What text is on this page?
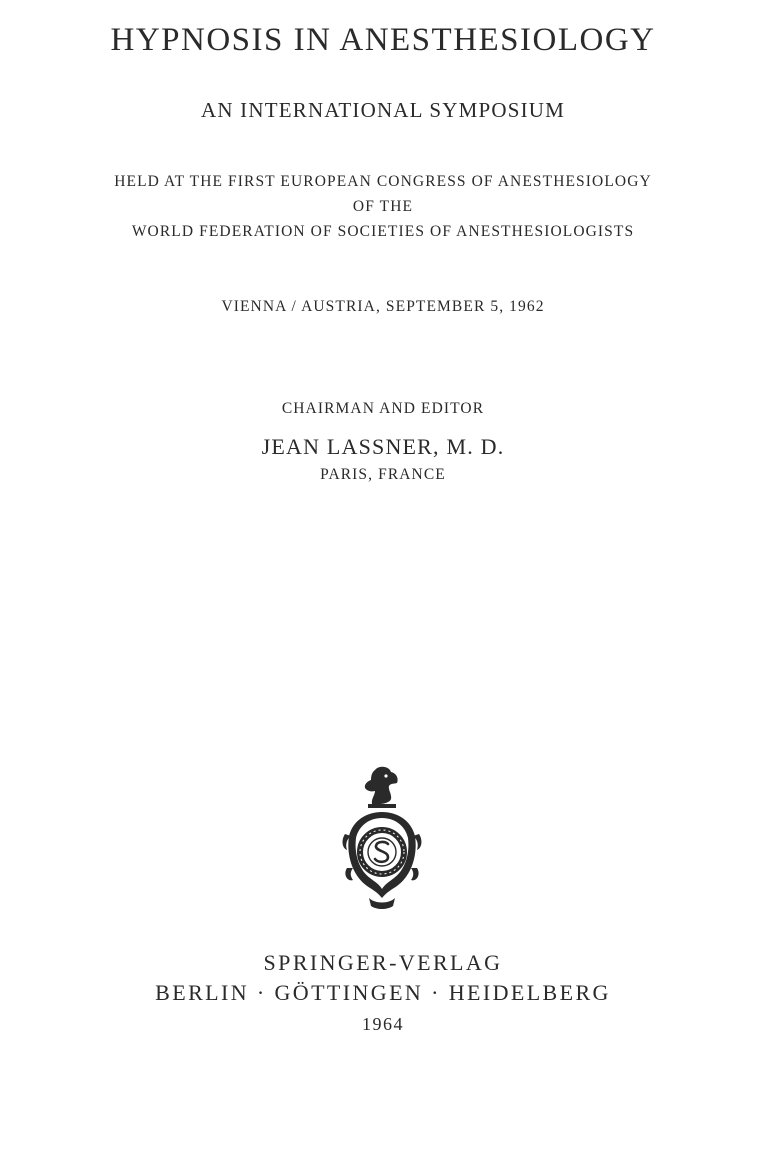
HYPNOSIS IN ANESTHESIOLOGY
AN INTERNATIONAL SYMPOSIUM
HELD AT THE FIRST EUROPEAN CONGRESS OF ANESTHESIOLOGY
OF THE
WORLD FEDERATION OF SOCIETIES OF ANESTHESIOLOGISTS
VIENNA / AUSTRIA, SEPTEMBER 5, 1962
CHAIRMAN AND EDITOR
JEAN LASSNER, M. D.
PARIS, FRANCE
SPRINGER-VERLAG
BERLIN · GÖTTINGEN · HEIDELBERG
1964
